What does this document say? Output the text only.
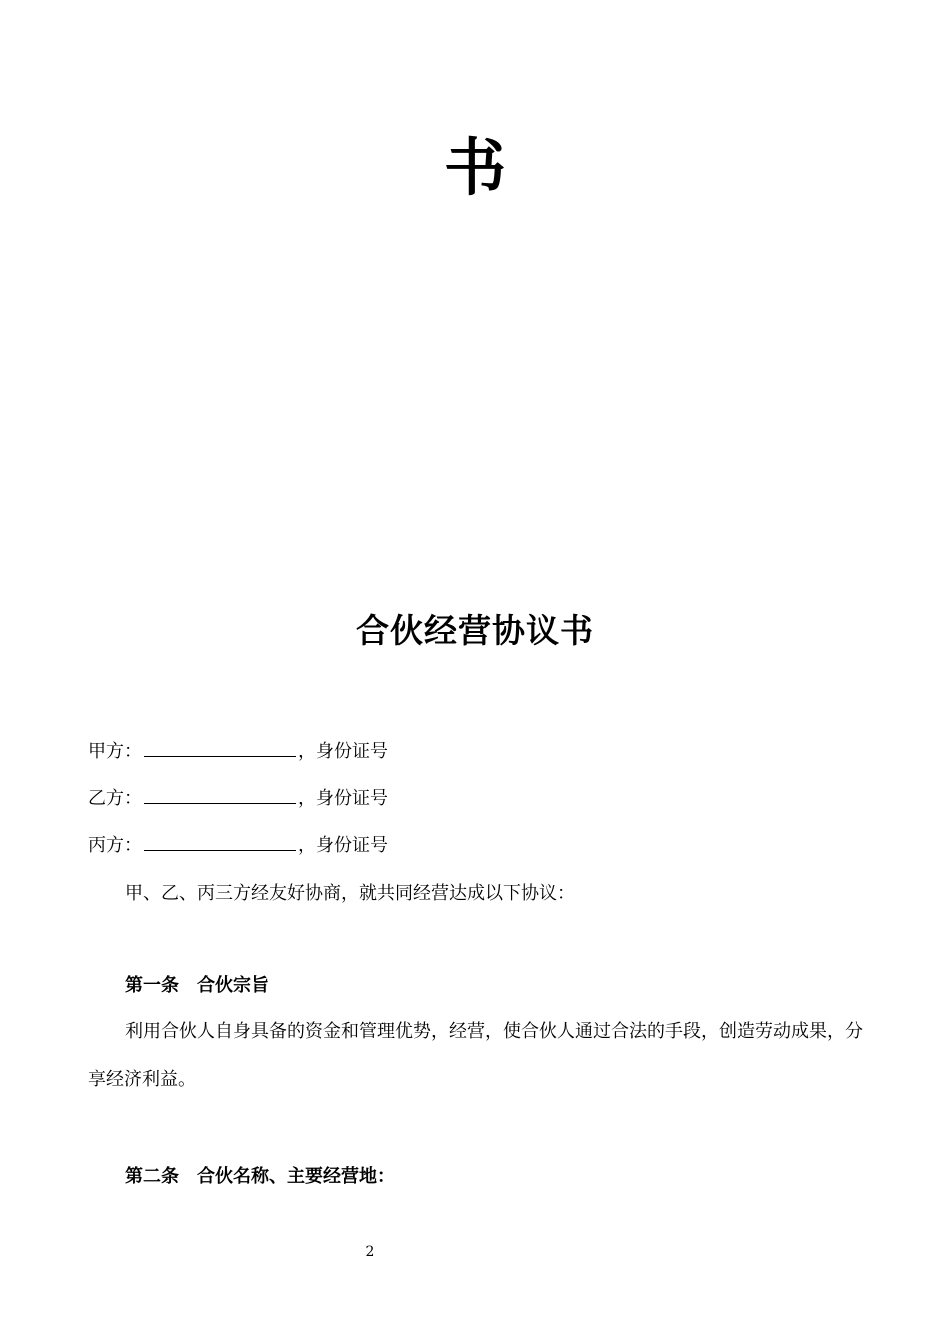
书
合伙经营协议书
甲方：	，身份证号
乙方：	，身份证号
丙方：	，身份证号
甲、乙、丙三方经友好协商，就共同经营达成以下协议：
第一条 合伙宗旨
利用合伙人自身具备的资金和管理优势，经营，使合伙人通过合法的手段，创造劳动成果，分享经济利益。
第二条 合伙名称、主要经营地：
2
